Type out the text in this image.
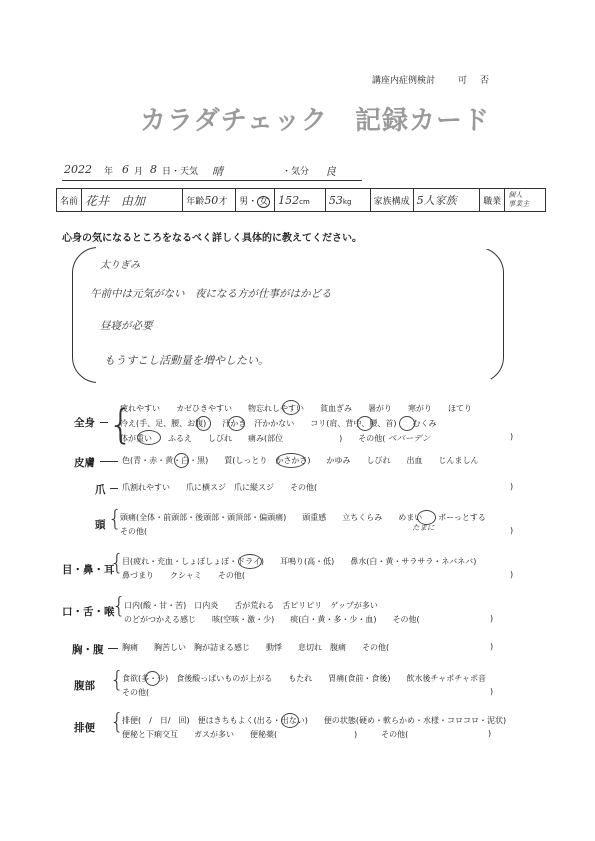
講座内症例検討	可 否
カラダチェック　記録カード
2022 年 6 月 8 日・天気 晴	・気分 良
名前	花井　由加	年齢50才	男・ 女	152cm	53kg	家族構成	5人家族	職業	
個人
事業主
心身の気になるところをなるべく詳しく具体的に教えてください。
太りぎみ
午前中は元気がない　夜になる方が仕事がはかどる
昼寝が必要
もうすこし活動量を増やしたい。
全身 {
疲れやすい　　カゼひきやすい　　物忘れしやすい　　貧血ぎみ　　暑がり　　寒がり　　ほてり
冷え(手、足、腰、お腹)　　汗かき　汗かかない　　コリ(肩、背中、腰、首)　　むくみ
体が重い　　ふるえ　　しびれ　　痛み(部位　　　　　　　)　　その他( ペパーデン	)
皮膚	色(青・赤・黄・白・黒)　　質(しっとり　かさかさ)　　かゆみ　　しびれ　　出血　　じんましん
爪 爪割れやすい　　爪に横スジ　爪に縦スジ　　その他(	)
頭 {
頭痛(全体・前頭部・後頭部・頭頂部・偏頭痛)　　頭重感　　立ちくらみ　　めまい　　ボーっとする
たまに
その他(	)
目・鼻・耳
{
目(疲れ・充血・しょぼしょぼ・ドライ)　　耳鳴り(高・低)　　鼻水(白・黄・サラサラ・ネバネバ)
鼻づまり　　クシャミ　　その他(	)
口・舌・喉
{
口内(酸・甘・苦)　口内炎　　舌が荒れる　舌ピリピリ　ゲップが多い
のどがつかえる感じ　　咳(空咳・激・少)　　痰(白・黄・多・少・血)　　その他(	)
胸・腹 胸痛　　胸苦しい　胸が詰まる感じ　　動悸　　息切れ　腹痛　　その他(	)
腹部 {
食欲(多・少)　食後酸っぱいものが上がる　　もたれ　　胃痛(食前・食後)　　飲水後チャポチャポ音
その他(	)
排便 {
排便(　/　日/　回)　便はきちもよく(出る・出ない)　　便の状態(硬め・軟らかめ・水様・コロコロ・泥状)
便秘と下痢交互　　ガスが多い　　便秘薬(	)　　　その他(	)
